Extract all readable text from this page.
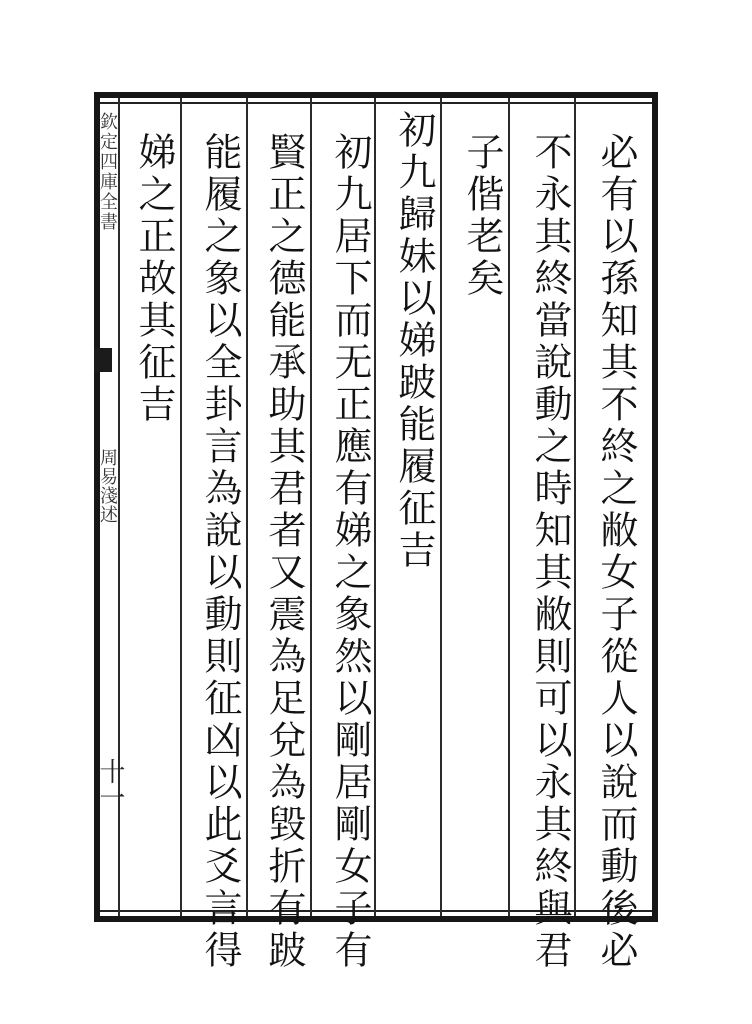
必有以孫知其不終之敝女子從人以說而動後必
不永其終當說動之時知其敝則可以永其終與君
子偕老矣
初九歸妹以娣跛能履征吉
初九居下而无正應有娣之象然以剛居剛女子有
賢正之德能承助其君者又震為足兌為毀折有跛
能履之象以全卦言為說以動則征凶以此爻言得
娣之正故其征吉
欽定四庫全書
周易淺述
十一
